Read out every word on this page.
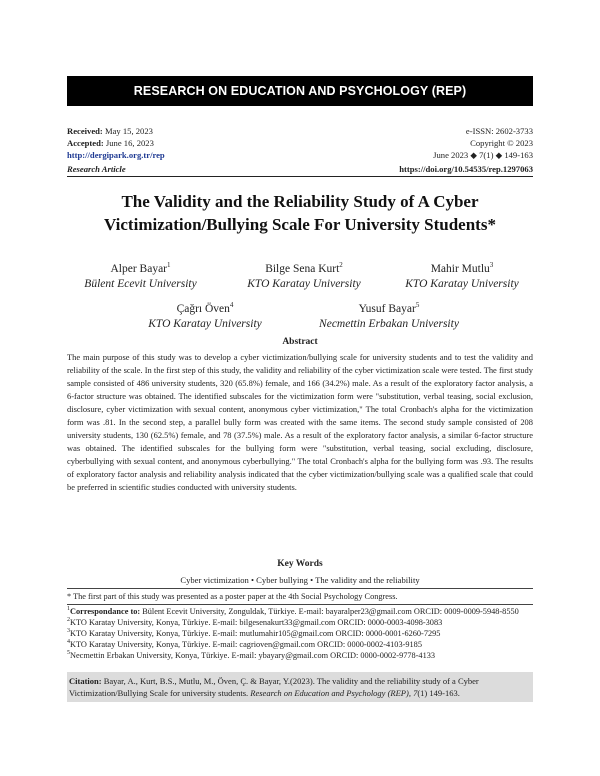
RESEARCH ON EDUCATION AND PSYCHOLOGY (REP)
Received: May 15, 2023
Accepted: June 16, 2023
http://dergipark.org.tr/rep
e-ISSN: 2602-3733
Copyright © 2023
June 2023 ◆ 7(1) ◆ 149-163
Research Article	https://doi.org/10.54535/rep.1297063
The Validity and the Reliability Study of A Cyber
Victimization/Bullying Scale For University Students*
Alper Bayar$^1$
Bülent Ecevit University
Bilge Sena Kurt$^2$
KTO Karatay University
Mahir Mutlu$^3$
KTO Karatay University
Çağrı Öven$^4$
KTO Karatay University
Yusuf Bayar$^5$
Necmettin Erbakan University
Abstract
The main purpose of this study was to develop a cyber victimization/bullying scale for university students and to test the validity and reliability of the scale. In the first step of this study, the validity and reliability of the cyber victimization scale were tested. The first study sample consisted of 486 university students, 320 (65.8%) female, and 166 (34.2%) male. As a result of the exploratory factor analysis, a 6-factor structure was obtained. The identified subscales for the victimization form were "substitution, verbal teasing, social exclusion, disclosure, cyber victimization with sexual content, anonymous cyber victimization," The total Cronbach's alpha for the victimization form was .81. In the second step, a parallel bully form was created with the same items. The second study sample consisted of 208 university students, 130 (62.5%) female, and 78 (37.5%) male. As a result of the exploratory factor analysis, a similar 6-factor structure was obtained. The identified subscales for the bullying form were "substitution, verbal teasing, social excluding, disclosure, cyberbullying with sexual content, and anonymous cyberbullying." The total Cronbach's alpha for the bullying form was .93. The results of exploratory factor analysis and reliability analysis indicated that the cyber victimization/bullying scale was a qualified scale that could be preferred in scientific studies conducted with university students.
Key Words
Cyber victimization • Cyber bullying • The validity and the reliability
* The first part of this study was presented as a poster paper at the 4th Social Psychology Congress.
$^1$Correspondance to: Bülent Ecevit University, Zonguldak, Türkiye. E-mail: bayaralper23@gmail.com ORCID: 0009-0009-5948-8550
$^2$KTO Karatay University, Konya, Türkiye. E-mail: bilgesenakurt33@gmail.com ORCID: 0000-0003-4098-3083
$^3$KTO Karatay University, Konya, Türkiye. E-mail: mutlumahir105@gmail.com ORCID: 0000-0001-6260-7295
$^4$KTO Karatay University, Konya, Türkiye. E-mail: cagrioven@gmail.com ORCID: 0000-0002-4103-9185
$^5$Necmettin Erbakan University, Konya, Türkiye. E-mail: ybayary@gmail.com ORCID: 0000-0002-9778-4133
Citation: Bayar, A., Kurt, B.S., Mutlu, M., Öven, Ç. & Bayar, Y.(2023). The validity and the reliability study of a Cyber Victimization/Bullying Scale for university students. Research on Education and Psychology (REP), 7(1) 149-163.
